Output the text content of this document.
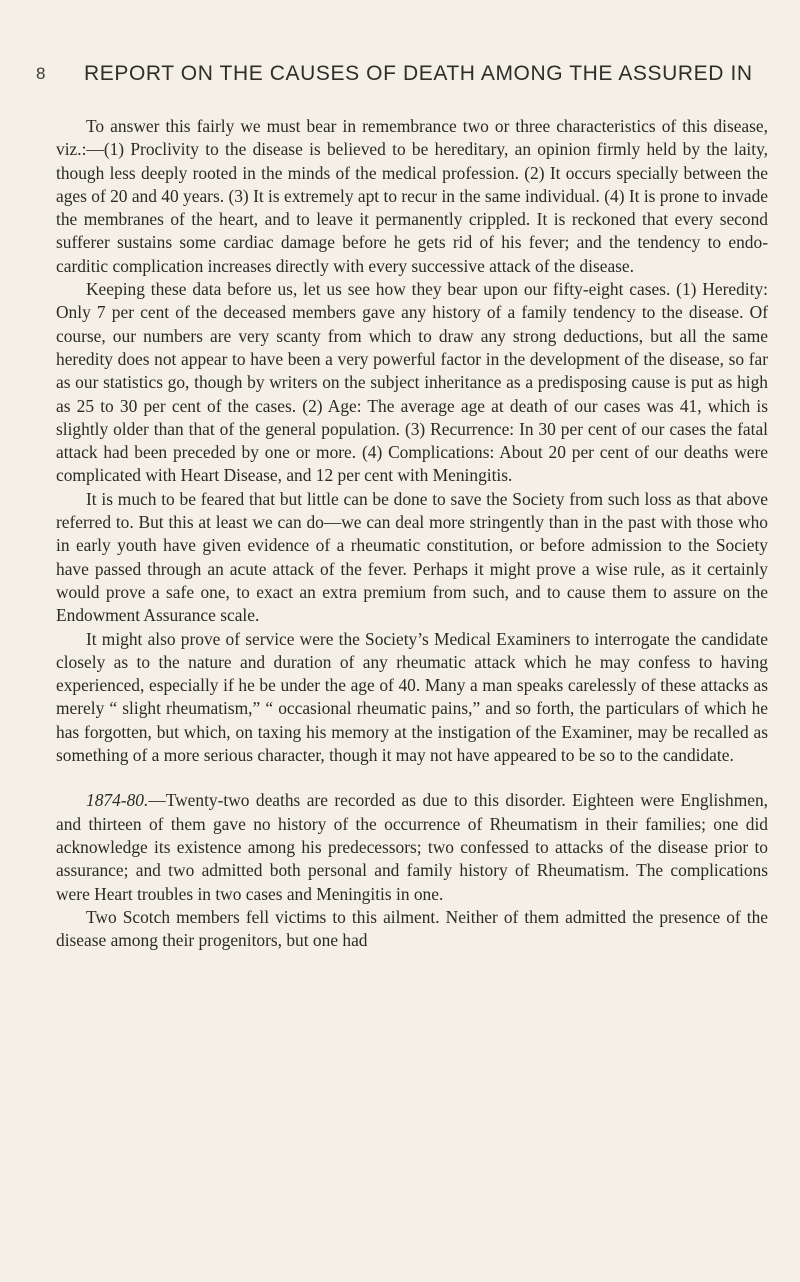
8 REPORT ON THE CAUSES OF DEATH AMONG THE ASSURED IN

To answer this fairly we must bear in remembrance two or three characteristics of this disease, viz.:—(1) Proclivity to the disease is believed to be hereditary, an opinion firmly held by the laity, though less deeply rooted in the minds of the medical profession. (2) It occurs specially between the ages of 20 and 40 years. (3) It is extremely apt to recur in the same individual. (4) It is prone to invade the membranes of the heart, and to leave it permanently crippled. It is reckoned that every second sufferer sustains some cardiac damage before he gets rid of his fever; and the tendency to endo-carditic complication increases directly with every successive attack of the disease.

Keeping these data before us, let us see how they bear upon our fifty-eight cases. (1) Heredity: Only 7 per cent of the deceased members gave any history of a family tendency to the disease. Of course, our numbers are very scanty from which to draw any strong deductions, but all the same heredity does not appear to have been a very powerful factor in the development of the disease, so far as our statistics go, though by writers on the subject inheritance as a predisposing cause is put as high as 25 to 30 per cent of the cases. (2) Age: The average age at death of our cases was 41, which is slightly older than that of the general population. (3) Recurrence: In 30 per cent of our cases the fatal attack had been preceded by one or more. (4) Complications: About 20 per cent of our deaths were complicated with Heart Disease, and 12 per cent with Meningitis.

It is much to be feared that but little can be done to save the Society from such loss as that above referred to. But this at least we can do—we can deal more stringently than in the past with those who in early youth have given evidence of a rheumatic constitution, or before admission to the Society have passed through an acute attack of the fever. Perhaps it might prove a wise rule, as it certainly would prove a safe one, to exact an extra premium from such, and to cause them to assure on the Endowment Assurance scale.

It might also prove of service were the Society’s Medical Examiners to interrogate the candidate closely as to the nature and duration of any rheumatic attack which he may confess to having experienced, especially if he be under the age of 40. Many a man speaks carelessly of these attacks as merely “ slight rheumatism,” “ occasional rheumatic pains,” and so forth, the particulars of which he has forgotten, but which, on taxing his memory at the instigation of the Examiner, may be recalled as something of a more serious character, though it may not have appeared to be so to the candidate.

1874-80.—Twenty-two deaths are recorded as due to this disorder. Eighteen were Englishmen, and thirteen of them gave no history of the occurrence of Rheumatism in their families; one did acknowledge its existence among his predecessors; two confessed to attacks of the disease prior to assurance; and two admitted both personal and family history of Rheumatism. The complications were Heart troubles in two cases and Meningitis in one.

Two Scotch members fell victims to this ailment. Neither of them admitted the presence of the disease among their progenitors, but one had
